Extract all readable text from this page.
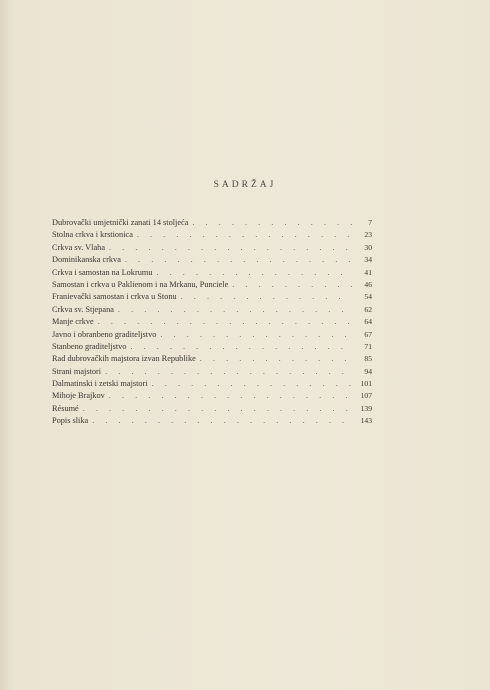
SADRŽAJ
Dubrovački umjetnički zanati 14 stoljeća . . .	7
Stolna crkva i krstionica . . .	23
Crkva sv. Vlaha . . .	30
Dominikanska crkva . . .	34
Crkva i samostan na Lokrumu . . .	41
Samostan i crkva u Paklienom i na Mrkanu, Punciele . . .	46
Franievački samostan i crkva u Stonu . . .	54
Crkva sv. Stjepana . . .	62
Manje crkve . . .	64
Javno i obranbeno graditeljstvo . . .	67
Stanbeno graditeljstvo . . .	71
Rad dubrovačkih majstora izvan Republike . . .	85
Strani majstori . . .	94
Dalmatinski i zetski majstori . . .	101
Mihoje Brajkov . . .	107
Résumé . . .	139
Popis slika . . .	143
